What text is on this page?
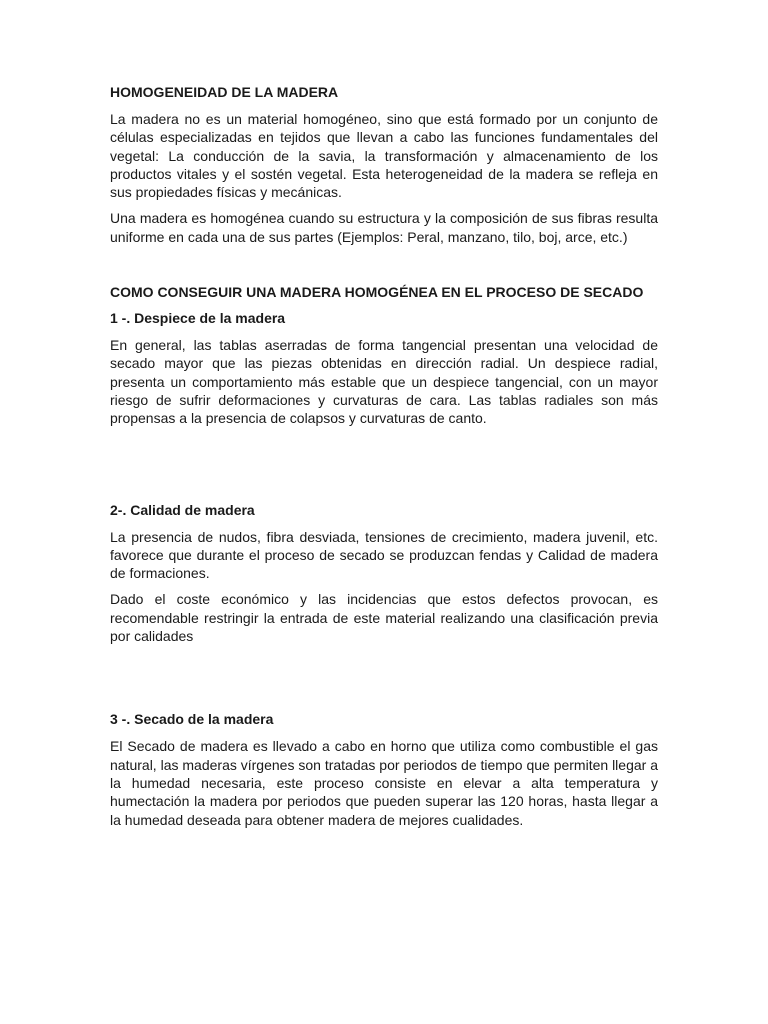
HOMOGENEIDAD DE LA MADERA

La madera no es un material homogéneo, sino que está formado por un conjunto de células especializadas en tejidos que llevan a cabo las funciones fundamentales del vegetal: La conducción de la savia, la transformación y almacenamiento de los productos vitales y el sostén vegetal. Esta heterogeneidad de la madera se refleja en sus propiedades físicas y mecánicas.

Una madera es homogénea cuando su estructura y la composición de sus fibras resulta uniforme en cada una de sus partes (Ejemplos: Peral, manzano, tilo, boj, arce, etc.)

COMO CONSEGUIR UNA MADERA HOMOGÉNEA EN EL PROCESO DE SECADO
1 -. Despiece de la madera

En general, las tablas aserradas de forma tangencial presentan una velocidad de secado mayor que las piezas obtenidas en dirección radial. Un despiece radial, presenta un comportamiento más estable que un despiece tangencial, con un mayor riesgo de sufrir deformaciones y curvaturas de cara. Las tablas radiales son más propensas a la presencia de colapsos y curvaturas de canto.

2-. Calidad de madera

La presencia de nudos, fibra desviada, tensiones de crecimiento, madera juvenil, etc. favorece que durante el proceso de secado se produzcan fendas y Calidad de madera de formaciones.

Dado el coste económico y las incidencias que estos defectos provocan, es recomendable restringir la entrada de este material realizando una clasificación previa por calidades

3 -. Secado de la madera

El Secado de madera es llevado a cabo en horno que utiliza como combustible el gas natural, las maderas vírgenes son tratadas por periodos de tiempo que permiten llegar a la humedad necesaria, este proceso consiste en elevar a alta temperatura y humectación la madera por periodos que pueden superar las 120 horas, hasta llegar a la humedad deseada para obtener madera de mejores cualidades.
